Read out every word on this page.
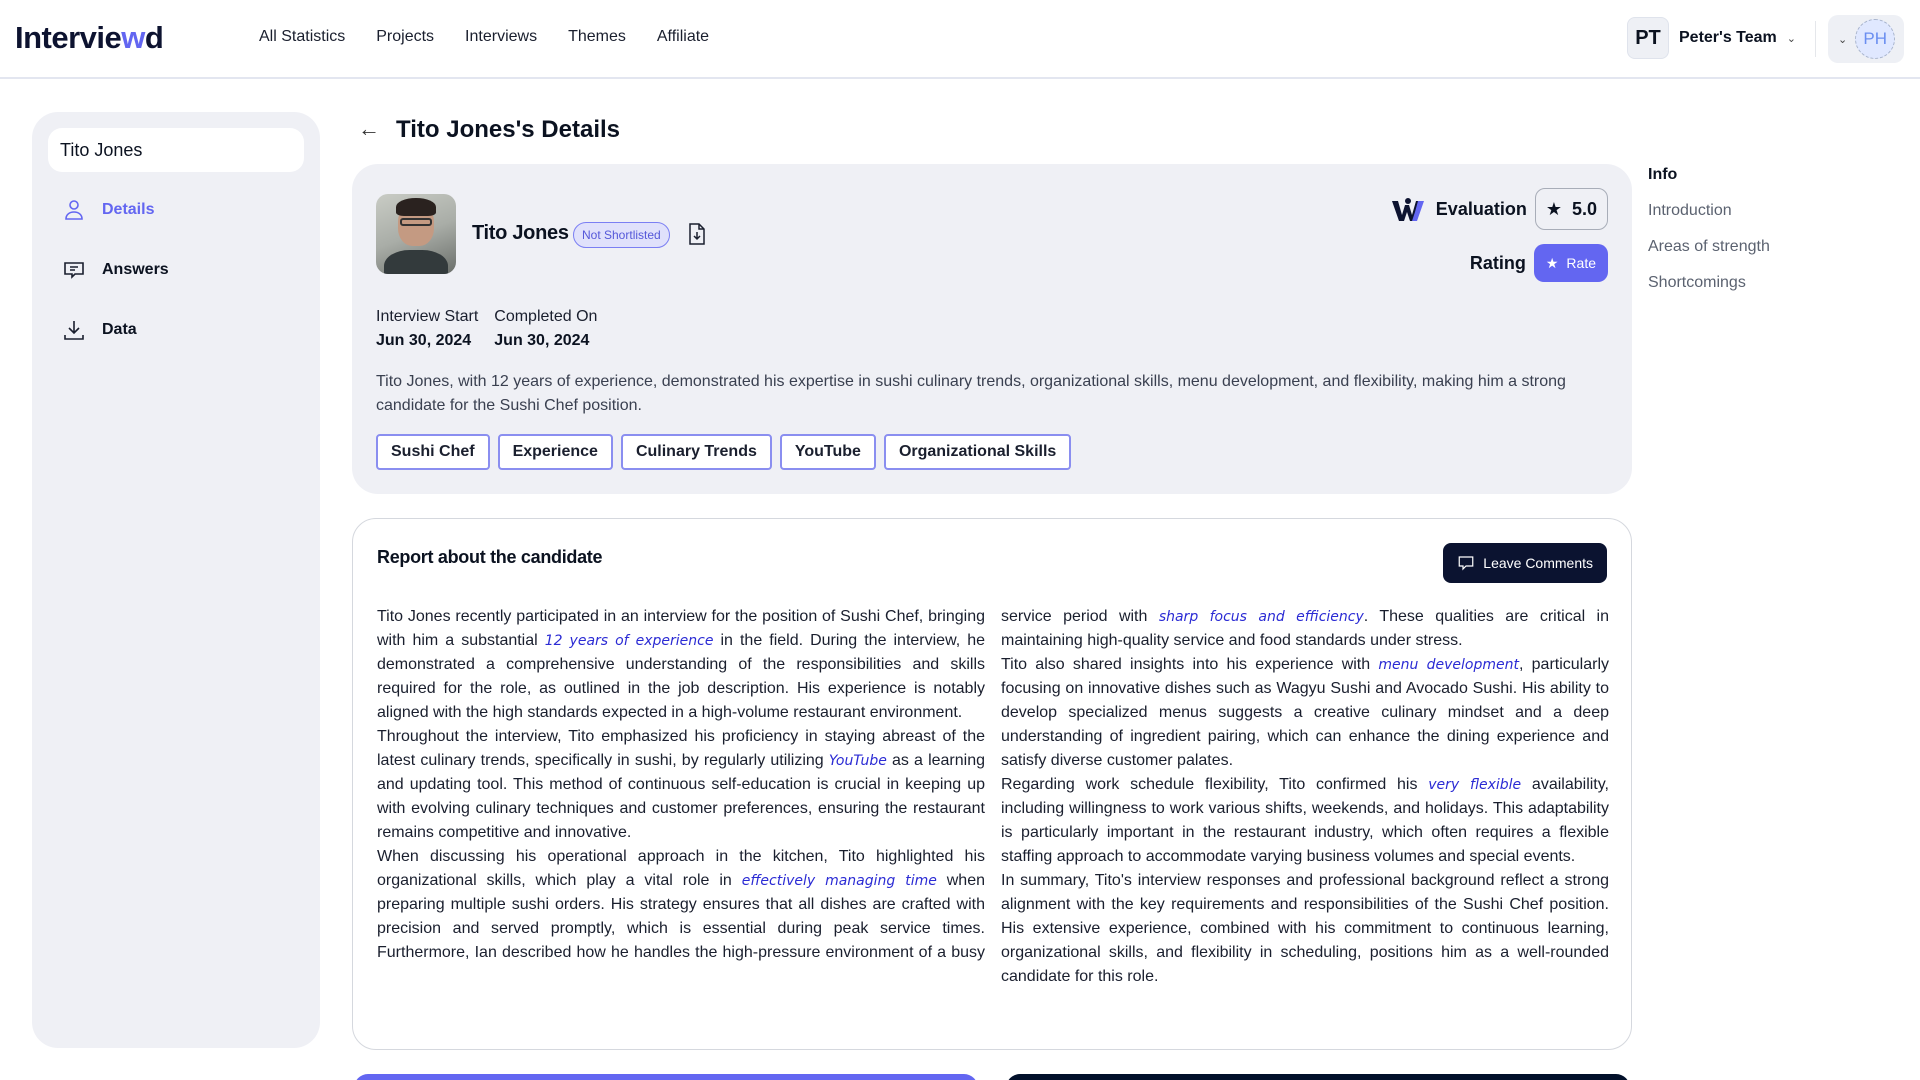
Interviewd	All Statistics Projects Interviews Themes Affiliate	PT	Peter's Team ⌄	⌄ PH
Tito Jones
Details
Answers
Data
← Tito Jones's Details
Tito Jones	Not Shortlisted
Evaluation ★ 5.0
Rating ★ Rate
Interview Start
Jun 30, 2024
Completed On
Jun 30, 2024

Tito Jones, with 12 years of experience, demonstrated his expertise in sushi culinary trends, organizational skills, menu development, and flexibility, making him a strong candidate for the Sushi Chef position.

Sushi Chef	Experience	Culinary Trends	YouTube	Organizational Skills
Info
Introduction
Areas of strength
Shortcomings
Report about the candidate	Leave Comments

Tito Jones recently participated in an interview for the position of Sushi Chef, bringing with him a substantial 12 years of experience in the field. During the interview, he demonstrated a comprehensive understanding of the responsibilities and skills required for the role, as outlined in the job description. His experience is notably aligned with the high standards expected in a high-volume restaurant environment.

Throughout the interview, Tito emphasized his proficiency in staying abreast of the latest culinary trends, specifically in sushi, by regularly utilizing YouTube as a learning and updating tool. This method of continuous self-education is crucial in keeping up with evolving culinary techniques and customer preferences, ensuring the restaurant remains competitive and innovative.

When discussing his operational approach in the kitchen, Tito highlighted his organizational skills, which play a vital role in effectively managing time when preparing multiple sushi orders. His strategy ensures that all dishes are crafted with precision and served promptly, which is essential during peak service times. Furthermore, Ian described how he handles the high-pressure environment of a busy service period with sharp focus and efficiency. These qualities are critical in maintaining high-quality service and food standards under stress.

Tito also shared insights into his experience with menu development, particularly focusing on innovative dishes such as Wagyu Sushi and Avocado Sushi. His ability to develop specialized menus suggests a creative culinary mindset and a deep understanding of ingredient pairing, which can enhance the dining experience and satisfy diverse customer palates.

Regarding work schedule flexibility, Tito confirmed his very flexible availability, including willingness to work various shifts, weekends, and holidays. This adaptability is particularly important in the restaurant industry, which often requires a flexible staffing approach to accommodate varying business volumes and special events.

In summary, Tito's interview responses and professional background reflect a strong alignment with the key requirements and responsibilities of the Sushi Chef position. His extensive experience, combined with his commitment to continuous learning, organizational skills, and flexibility in scheduling, positions him as a well-rounded candidate for this role.
